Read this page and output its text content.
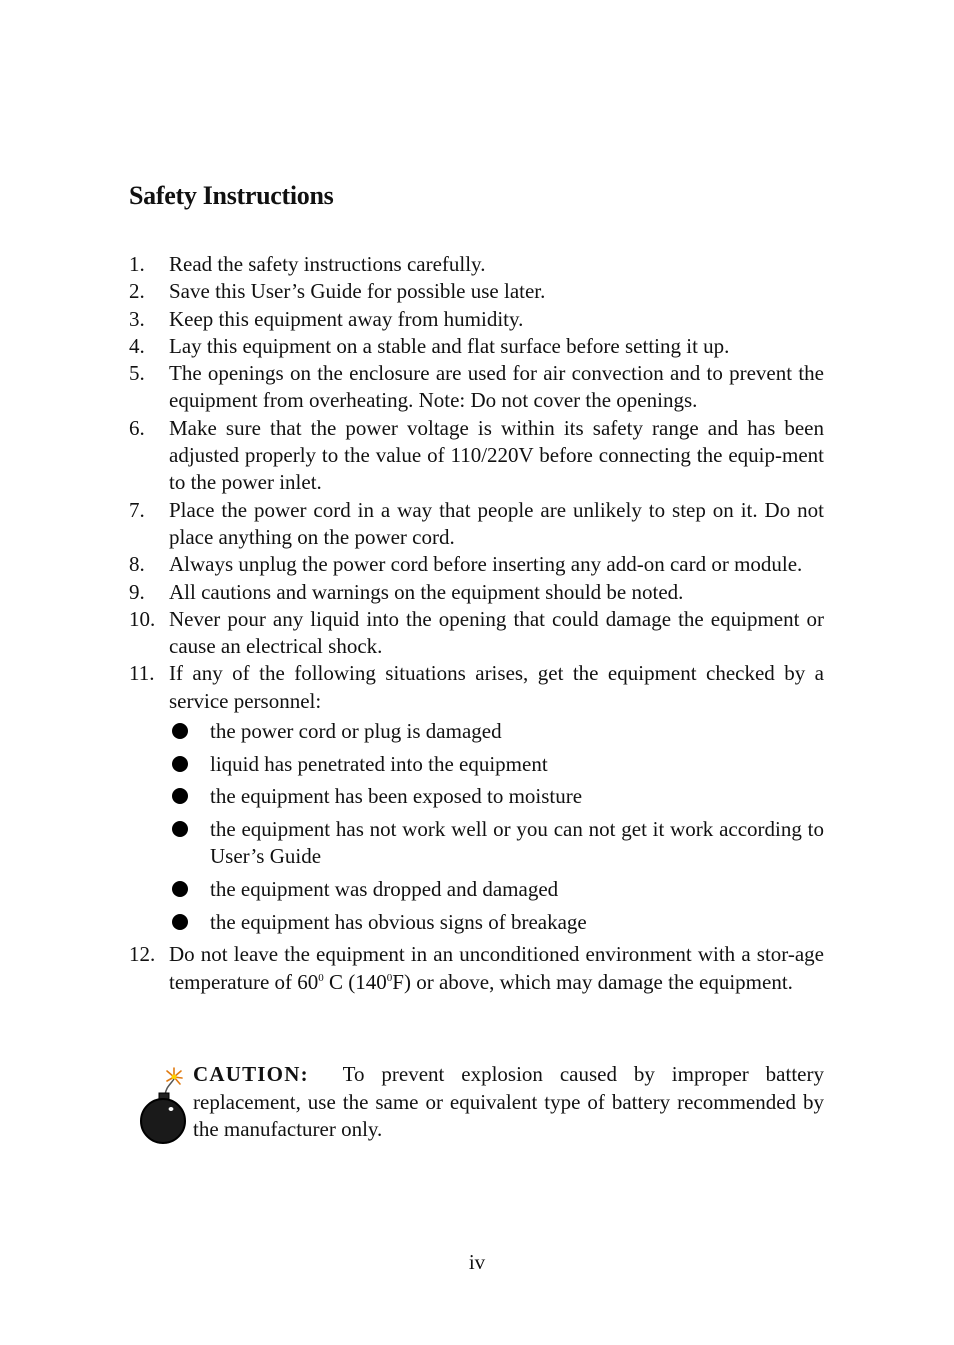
Safety Instructions
1. Read the safety instructions carefully.
2. Save this User’s Guide for possible use later.
3. Keep this equipment away from humidity.
4. Lay this equipment on a stable and flat surface before setting it up.
5. The openings on the enclosure are used for air convection and to prevent the equipment from overheating. Note: Do not cover the openings.
6. Make sure that the power voltage is within its safety range and has been adjusted properly to the value of 110/220V before connecting the equip-ment to the power inlet.
7. Place the power cord in a way that people are unlikely to step on it. Do not place anything on the power cord.
8. Always unplug the power cord before inserting any add-on card or module.
9. All cautions and warnings on the equipment should be noted.
10. Never pour any liquid into the opening that could damage the equipment or cause an electrical shock.
11. If any of the following situations arises, get the equipment checked by a service personnel:
the power cord or plug is damaged
liquid has penetrated into the equipment
the equipment has been exposed to moisture
the equipment has not work well or you can not get it work according to User’s Guide
the equipment was dropped and damaged
the equipment has obvious signs of breakage
12. Do not leave the equipment in an unconditioned environment with a stor-age temperature of $60^0$ C $(140^0F)$ or above, which may damage the equipment.
CAUTION: To prevent explosion caused by improper battery replacement, use the same or equivalent type of battery recommended by the manufacturer only.
iv
